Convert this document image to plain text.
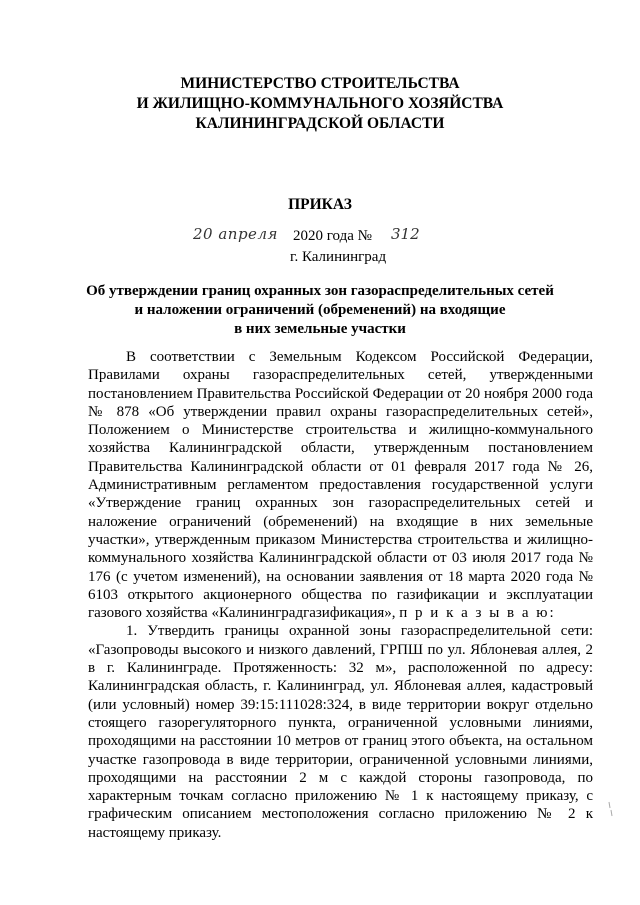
МИНИСТЕРСТВО СТРОИТЕЛЬСТВА
И ЖИЛИЩНО-КОММУНАЛЬНОГО ХОЗЯЙСТВА
КАЛИНИНГРАДСКОЙ ОБЛАСТИ
ПРИКАЗ
20 апреля 2020 года № 312
г. Калининград
Об утверждении границ охранных зон газораспределительных сетей
и наложении ограничений (обременений) на входящие
в них земельные участки

В соответствии с Земельным Кодексом Российской Федерации, Правилами охраны газораспределительных сетей, утвержденными постановлением Правительства Российской Федерации от 20 ноября 2000 года № 878 «Об утверждении правил охраны газораспределительных сетей», Положением о Министерстве строительства и жилищно-коммунального хозяйства Калининградской области, утвержденным постановлением Правительства Калининградской области от 01 февраля 2017 года № 26, Административным регламентом предоставления государственной услуги «Утверждение границ охранных зон газораспределительных сетей и наложение ограничений (обременений) на входящие в них земельные участки», утвержденным приказом Министерства строительства и жилищно-коммунального хозяйства Калининградской области от 03 июля 2017 года № 176 (с учетом изменений), на основании заявления от 18 марта 2020 года № 6103 открытого акционерного общества по газификации и эксплуатации газового хозяйства «Калининградгазификация», п р и к а з ы в а ю:

1. Утвердить границы охранной зоны газораспределительной сети: «Газопроводы высокого и низкого давлений, ГРПШ по ул. Яблоневая аллея, 2 в г. Калининграде. Протяженность: 32 м», расположенной по адресу: Калининградская область, г. Калининград, ул. Яблоневая аллея, кадастровый (или условный) номер 39:15:111028:324, в виде территории вокруг отдельно стоящего газорегуляторного пункта, ограниченной условными линиями, проходящими на расстоянии 10 метров от границ этого объекта, на остальном участке газопровода в виде территории, ограниченной условными линиями, проходящими на расстоянии 2 м с каждой стороны газопровода, по характерным точкам согласно приложению № 1 к настоящему приказу, с графическим описанием местоположения согласно приложению № 2 к настоящему приказу.
